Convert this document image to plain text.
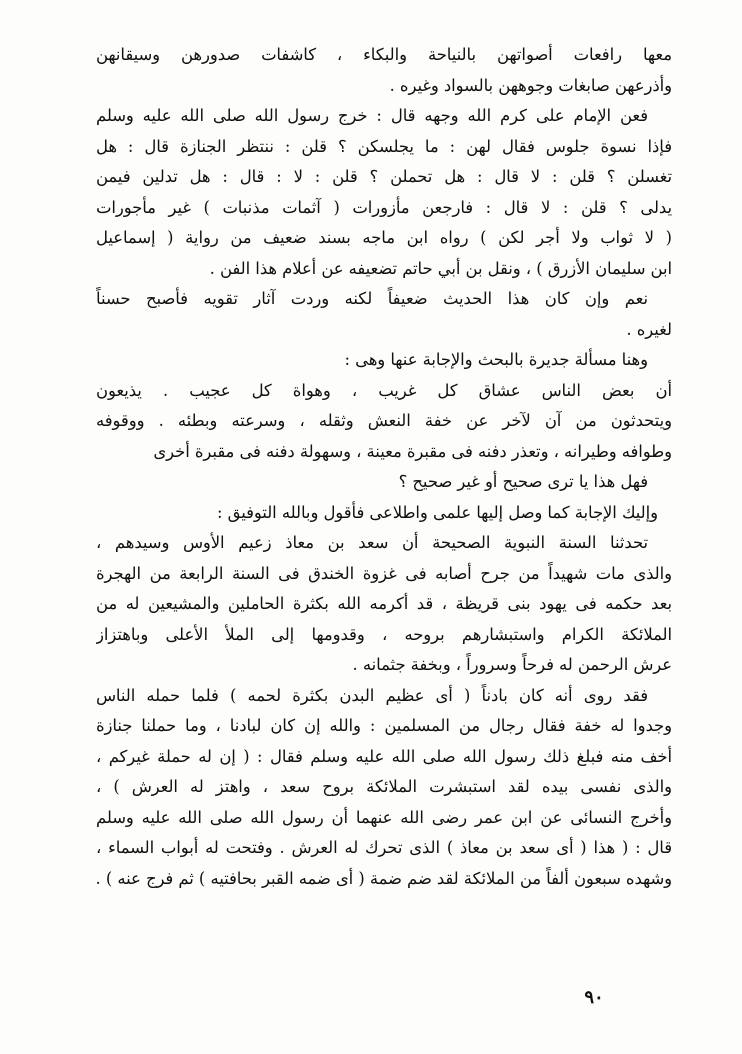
معها رافعات أصواتهن بالنياحة والبكاء ، كاشفات صدورهن وسيقانهن
وأذرعهن صابغات وجوههن بالسواد وغيره .
فعن الإمام على كرم الله وجهه قال : خرج رسول الله صلى الله عليه وسلم
فإذا نسوة جلوس فقال لهن : ما يجلسكن ؟ قلن : ننتظر الجنازة قال : هل
تغسلن ؟ قلن : لا قال : هل تحملن ؟ قلن : لا : قال : هل تدلين فيمن
يدلى ؟ قلن : لا قال : فارجعن مأزورات ( آثمات مذنبات ) غير مأجورات
( لا ثواب ولا أجر لكن ) رواه ابن ماجه بسند ضعيف من رواية ( إسماعيل
ابن سليمان الأزرق ) ، ونقل بن أبي حاتم تضعيفه عن أعلام هذا الفن .
نعم وإن كان هذا الحديث ضعيفاً لكنه وردت آثار تقويه فأصبح حسناً
لغيره .
وهنا مسألة جديرة بالبحث والإجابة عنها وهى :
أن بعض الناس عشاق كل غريب ، وهواة كل عجيب . يذيعون
ويتحدثون من آن لآخر عن خفة النعش وثقله ، وسرعته وبطئه . ووقوفه
وطوافه وطيرانه ، وتعذر دفنه فى مقبرة معينة ، وسهولة دفنه فى مقبرة أخرى
فهل هذا يا ترى صحيح أو غير صحيح ؟
وإليك الإجابة كما وصل إليها علمى واطلاعى فأقول وبالله التوفيق :
تحدثنا السنة النبوية الصحيحة أن سعد بن معاذ زعيم الأوس وسيدهم ،
والذى مات شهيداً من جرح أصابه فى غزوة الخندق فى السنة الرابعة من الهجرة
بعد حكمه فى يهود بنى قريظة ، قد أكرمه الله بكثرة الحاملين والمشيعين له من
الملائكة الكرام واستبشارهم بروحه ، وقدومها إلى الملأ الأعلى وباهتزاز
عرش الرحمن له فرحاً وسروراً ، وبخفة جثمانه .
فقد روى أنه كان بادناً ( أى عظيم البدن بكثرة لحمه ) فلما حمله الناس
وجدوا له خفة فقال رجال من المسلمين : والله إن كان لبادنا ، وما حملنا جنازة
أخف منه فبلغ ذلك رسول الله صلى الله عليه وسلم فقال : ( إن له حملة غيركم ،
والذى نفسى بيده لقد استبشرت الملائكة بروح سعد ، واهتز له العرش ) ،
وأخرج النسائى عن ابن عمر رضى الله عنهما أن رسول الله صلى الله عليه وسلم
قال : ( هذا ( أى سعد بن معاذ ) الذى تحرك له العرش . وفتحت له أبواب السماء ،
وشهده سبعون ألفاً من الملائكة لقد ضم ضمة ( أى ضمه القبر بحافتيه ) ثم فرج عنه ) .
٩٠
